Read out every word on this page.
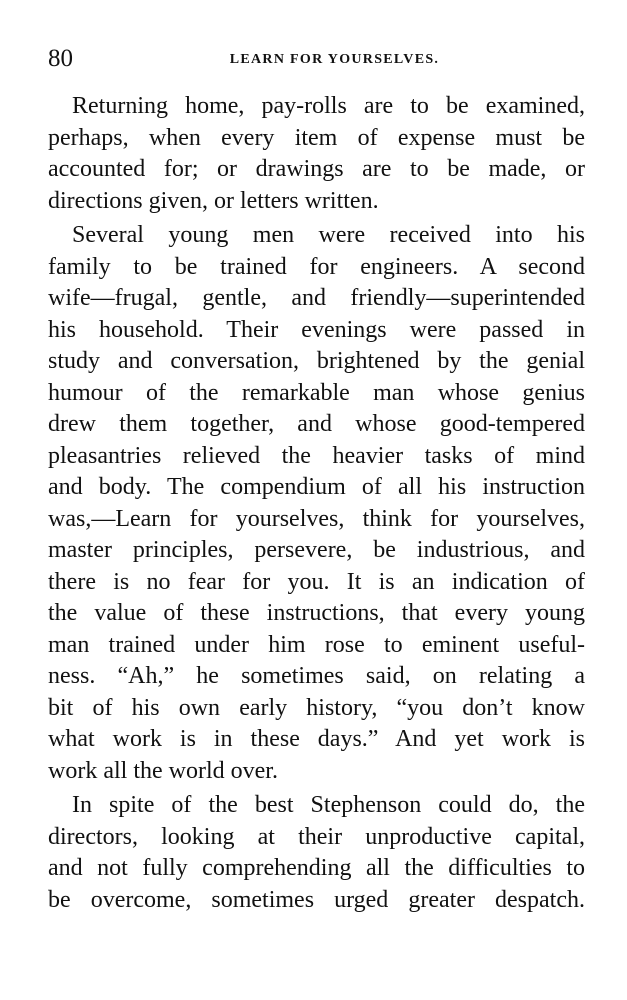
80	LEARN FOR YOURSELVES.
Returning home, pay-rolls are to be examined,
perhaps, when every item of expense must be
accounted for; or drawings are to be made, or
directions given, or letters written.
Several young men were received into his
family to be trained for engineers. A second
wife—frugal, gentle, and friendly—superintended
his household. Their evenings were passed in
study and conversation, brightened by the genial
humour of the remarkable man whose genius
drew them together, and whose good-tempered
pleasantries relieved the heavier tasks of mind
and body. The compendium of all his instruction
was,—Learn for yourselves, think for yourselves,
master principles, persevere, be industrious, and
there is no fear for you. It is an indication of
the value of these instructions, that every young
man trained under him rose to eminent useful-
ness. “Ah,” he sometimes said, on relating a
bit of his own early history, “you don’t know
what work is in these days.” And yet work is
work all the world over.
In spite of the best Stephenson could do, the
directors, looking at their unproductive capital,
and not fully comprehending all the difficulties to
be overcome, sometimes urged greater despatch.
